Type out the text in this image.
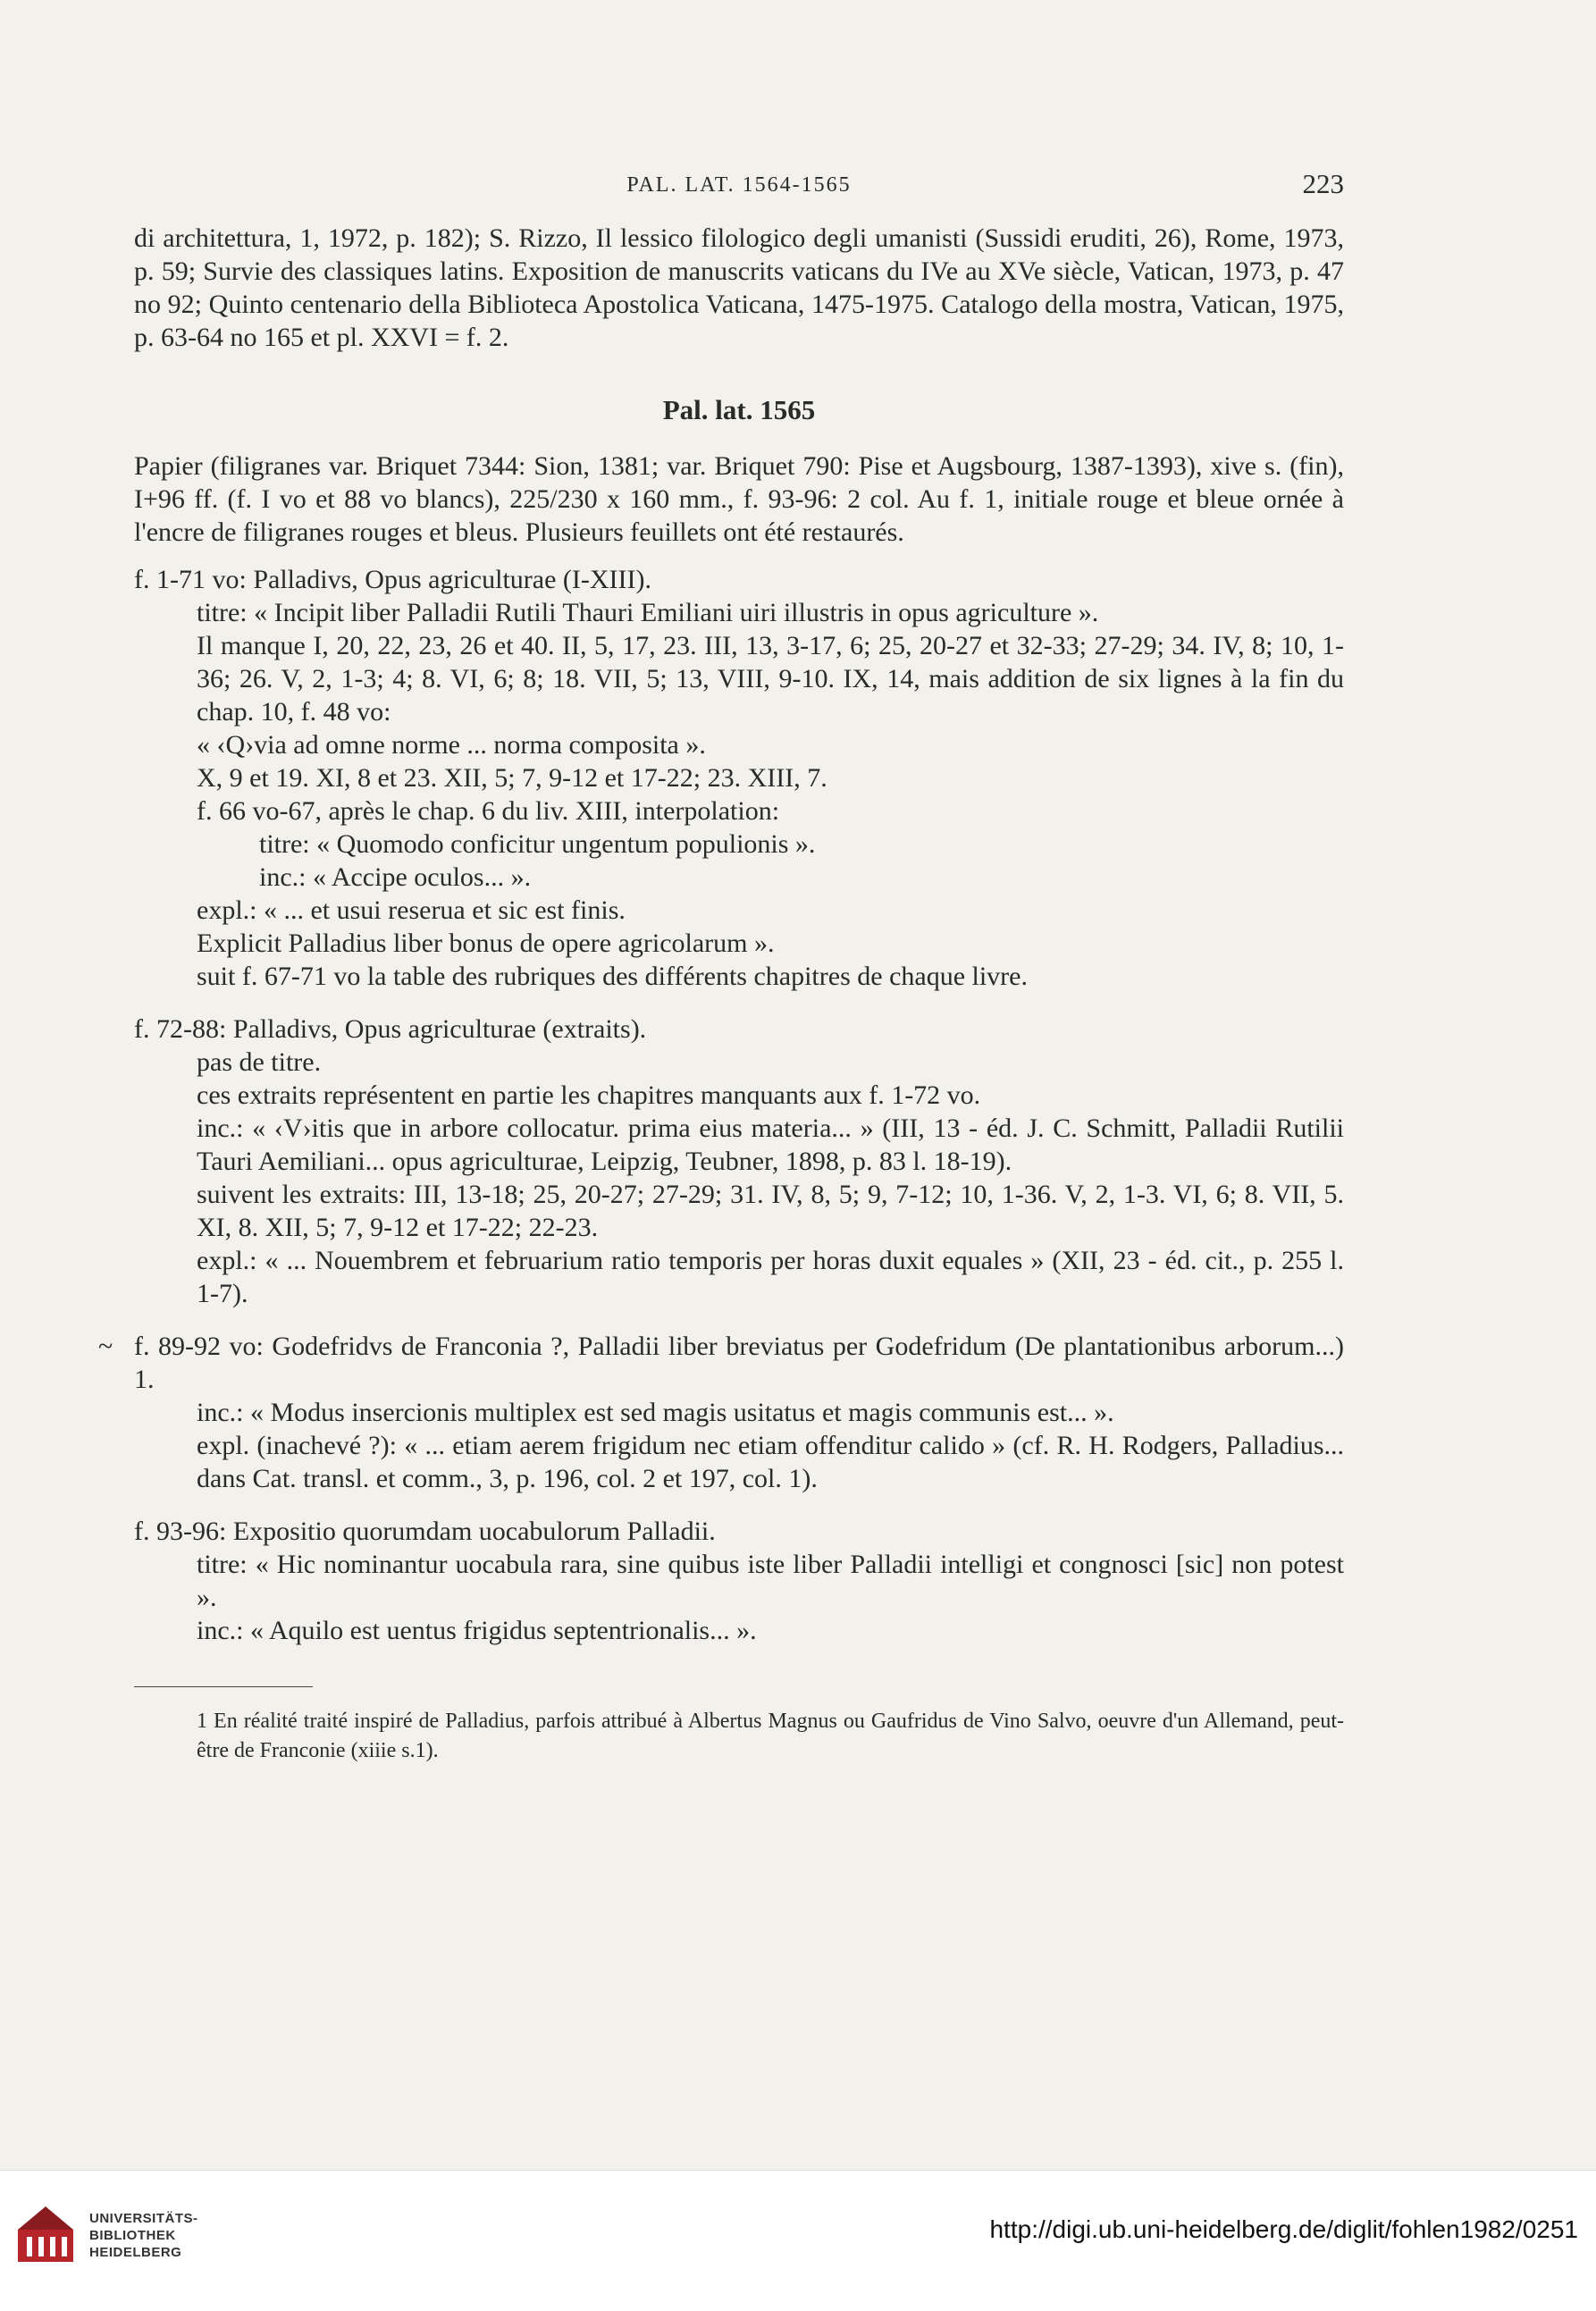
PAL. LAT. 1564-1565	223

di architettura, 1, 1972, p. 182); S. Rizzo, Il lessico filologico degli umanisti (Sussidi eruditi, 26), Rome, 1973, p. 59; Survie des classiques latins. Exposition de manuscrits vaticans du IVe au XVe siècle, Vatican, 1973, p. 47 no 92; Quinto centenario della Biblioteca Apostolica Vaticana, 1475-1975. Catalogo della mostra, Vatican, 1975, p. 63-64 no 165 et pl. XXVI = f. 2.

Pal. lat. 1565

Papier (filigranes var. Briquet 7344: Sion, 1381; var. Briquet 790: Pise et Augsbourg, 1387-1393), xive s. (fin), I+96 ff. (f. I vo et 88 vo blancs), 225/230 x 160 mm., f. 93-96: 2 col. Au f. 1, initiale rouge et bleue ornée à l'encre de filigranes rouges et bleus. Plusieurs feuillets ont été restaurés.

f. 1-71 vo: Palladivs, Opus agriculturae (I-XIII).

titre: « Incipit liber Palladii Rutili Thauri Emiliani uiri illustris in opus agriculture ».

Il manque I, 20, 22, 23, 26 et 40. II, 5, 17, 23. III, 13, 3-17, 6; 25, 20-27 et 32-33; 27-29; 34. IV, 8; 10, 1-36; 26. V, 2, 1-3; 4; 8. VI, 6; 8; 18. VII, 5; 13, VIII, 9-10. IX, 14, mais addition de six lignes à la fin du chap. 10, f. 48 vo:

« ‹Q›via ad omne norme ... norma composita ».

X, 9 et 19. XI, 8 et 23. XII, 5; 7, 9-12 et 17-22; 23. XIII, 7.

f. 66 vo-67, après le chap. 6 du liv. XIII, interpolation:

titre: « Quomodo conficitur ungentum populionis ».

inc.: « Accipe oculos... ».

expl.: « ... et usui reserua et sic est finis.

Explicit Palladius liber bonus de opere agricolarum ».

suit f. 67-71 vo la table des rubriques des différents chapitres de chaque livre.

f. 72-88: Palladivs, Opus agriculturae (extraits).

pas de titre.

ces extraits représentent en partie les chapitres manquants aux f. 1-72 vo.

inc.: « ‹V›itis que in arbore collocatur. prima eius materia... » (III, 13 - éd. J. C. Schmitt, Palladii Rutilii Tauri Aemiliani... opus agriculturae, Leipzig, Teubner, 1898, p. 83 l. 18-19).

suivent les extraits: III, 13-18; 25, 20-27; 27-29; 31. IV, 8, 5; 9, 7-12; 10, 1-36. V, 2, 1-3. VI, 6; 8. VII, 5. XI, 8. XII, 5; 7, 9-12 et 17-22; 22-23.

expl.: « ... Nouembrem et februarium ratio temporis per horas duxit equales » (XII, 23 - éd. cit., p. 255 l. 1-7).

~ f. 89-92 vo: Godefridvs de Franconia ?, Palladii liber breviatus per Godefridum (De plantationibus arborum...) 1.

inc.: « Modus insercionis multiplex est sed magis usitatus et magis communis est... ».

expl. (inachevé ?): « ... etiam aerem frigidum nec etiam offenditur calido » (cf. R. H. Rodgers, Palladius... dans Cat. transl. et comm., 3, p. 196, col. 2 et 197, col. 1).

f. 93-96: Expositio quorumdam uocabulorum Palladii.

titre: « Hic nominantur uocabula rara, sine quibus iste liber Palladii intelligi et congnosci [sic] non potest ».

inc.: « Aquilo est uentus frigidus septentrionalis... ».

1 En réalité traité inspiré de Palladius, parfois attribué à Albertus Magnus ou Gaufridus de Vino Salvo, oeuvre d'un Allemand, peut-être de Franconie (xiiie s.1).

UNIVERSITÄTS-
BIBLIOTHEK
HEIDELBERG
http://digi.ub.uni-heidelberg.de/diglit/fohlen1982/0251
